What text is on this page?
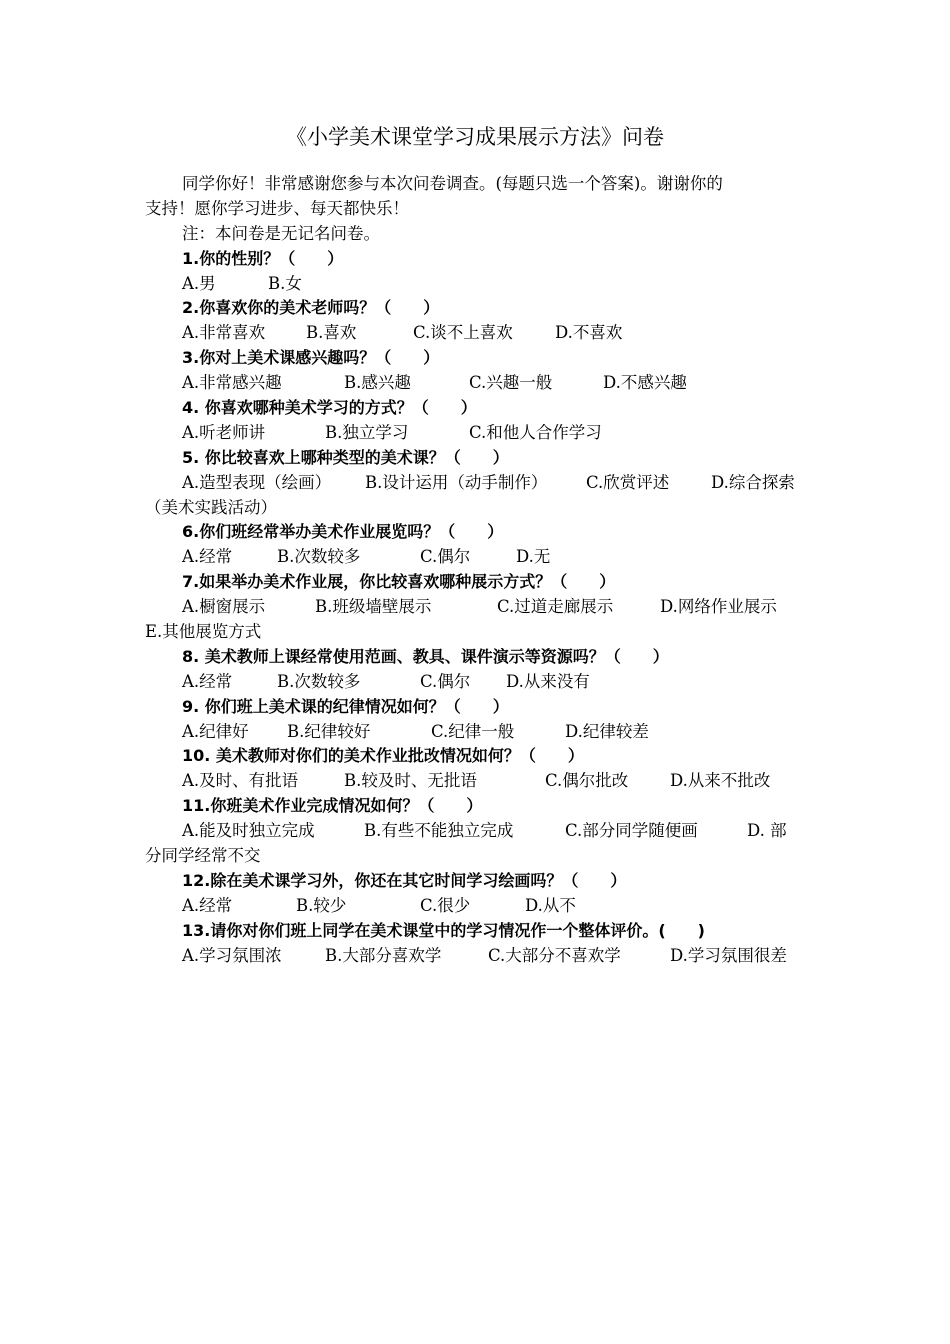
《小学美术课堂学习成果展示方法》问卷
同学你好！非常感谢您参与本次问卷调查。(每题只选一个答案)。谢谢你的
支持！愿你学习进步、每天都快乐！
注：本问卷是无记名问卷。
1.你的性别？（　　）
A.男	B.女
2.你喜欢你的美术老师吗？（　　）
A.非常喜欢 B.喜欢	C.谈不上喜欢	D.不喜欢
3.你对上美术课感兴趣吗？（　　）
A.非常感兴趣	B.感兴趣	C.兴趣一般	D.不感兴趣
4. 你喜欢哪种美术学习的方式？（　　）
A.听老师讲	B.独立学习	C.和他人合作学习
5. 你比较喜欢上哪种类型的美术课？（　　）
A.造型表现（绘画） B.设计运用（动手制作） C.欣赏评述	D.综合探索
（美术实践活动）
6.你们班经常举办美术作业展览吗？（　　）
A.经常	B.次数较多	C.偶尔	D.无
7.如果举办美术作业展，你比较喜欢哪种展示方式？（　　）
A.橱窗展示	B.班级墙壁展示	C.过道走廊展示	D.网络作业展示
E.其他展览方式
8. 美术教师上课经常使用范画、教具、课件演示等资源吗？（　　）
A.经常	B.次数较多	C.偶尔 D.从来没有
9. 你们班上美术课的纪律情况如何？（　　）
A.纪律好 B.纪律较好	C.纪律一般	D.纪律较差
10. 美术教师对你们的美术作业批改情况如何？（　　）
A.及时、有批语	B.较及时、无批语	C.偶尔批改	D.从来不批改
11.你班美术作业完成情况如何？（　　）
A.能及时独立完成	B.有些不能独立完成	C.部分同学随便画	D. 部
分同学经常不交
12.除在美术课学习外，你还在其它时间学习绘画吗？（　　）
A.经常	B.较少	C.很少	D.从不
13.请你对你们班上同学在美术课堂中的学习情况作一个整体评价。(　　)
A.学习氛围浓	B.大部分喜欢学	C.大部分不喜欢学	D.学习氛围很差
